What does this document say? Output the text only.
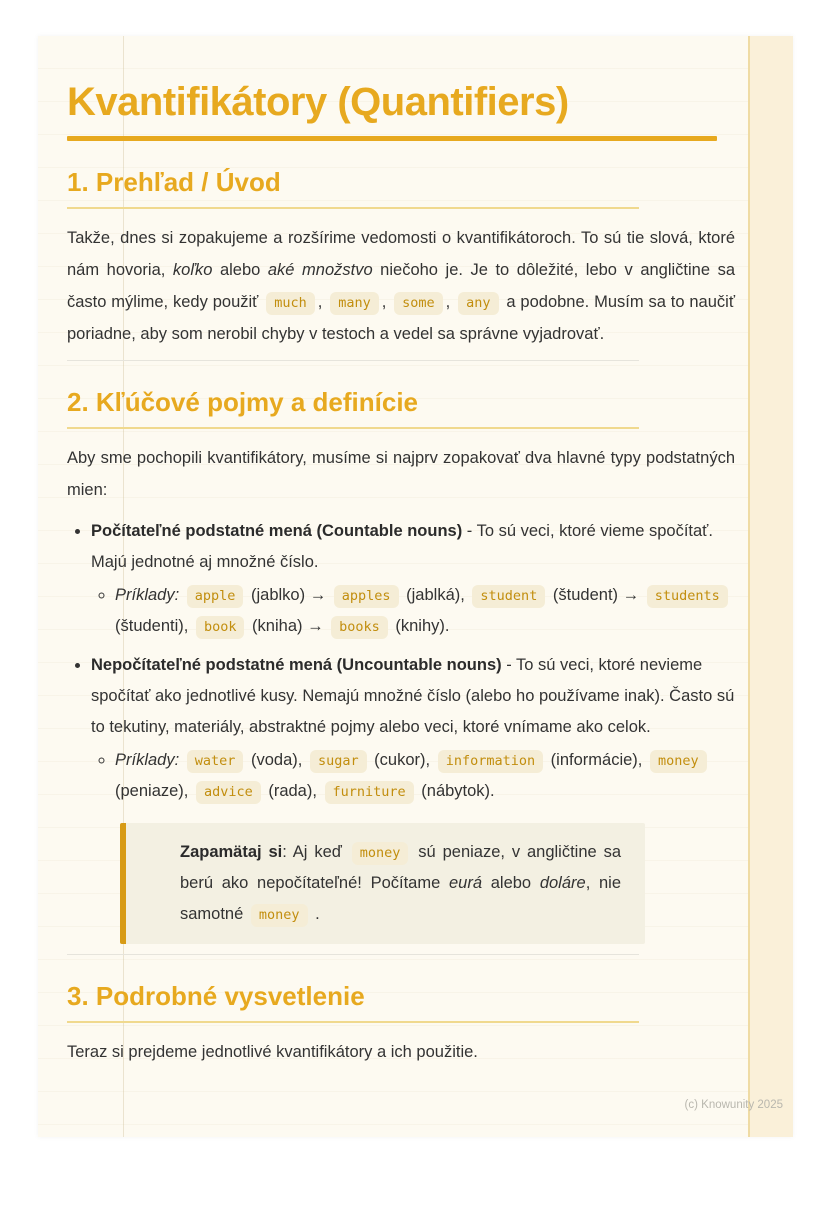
Kvantifikátory (Quantifiers)
1. Prehľad / Úvod

Takže, dnes si zopakujeme a rozšírime vedomosti o kvantifikátoroch. To sú tie slová, ktoré nám hovoria, koľko alebo aké množstvo niečoho je. Je to dôležité, lebo v angličtine sa často mýlime, kedy použiť much , many , some , any a podobne. Musím sa to naučiť poriadne, aby som nerobil chyby v testoch a vedel sa správne vyjadrovať.

2. Kľúčové pojmy a definície

Aby sme pochopili kvantifikátory, musíme si najprv zopakovať dva hlavné typy podstatných mien:

• Počítateľné podstatné mená (Countable nouns) - To sú veci, ktoré vieme spočítať. Majú jednotné aj množné číslo.
◦ Príklady: apple (jablko) → apples (jablká), student (študent) → students (študenti), book (kniha) → books (knihy).
• Nepočítateľné podstatné mená (Uncountable nouns) - To sú veci, ktoré nevieme spočítať ako jednotlivé kusy. Nemajú množné číslo (alebo ho používame inak). Často sú to tekutiny, materiály, abstraktné pojmy alebo veci, ktoré vnímame ako celok.
◦ Príklady: water (voda), sugar (cukor), information (informácie), money (peniaze), advice (rada), furniture (nábytok).
Zapamätaj si: Aj keď money sú peniaze, v angličtine sa berú ako nepočítateľné! Počítame eurá alebo doláre, nie samotné money .
3. Podrobné vysvetlenie

Teraz si prejdeme jednotlivé kvantifikátory a ich použitie.

(c) Knowunity 2025
